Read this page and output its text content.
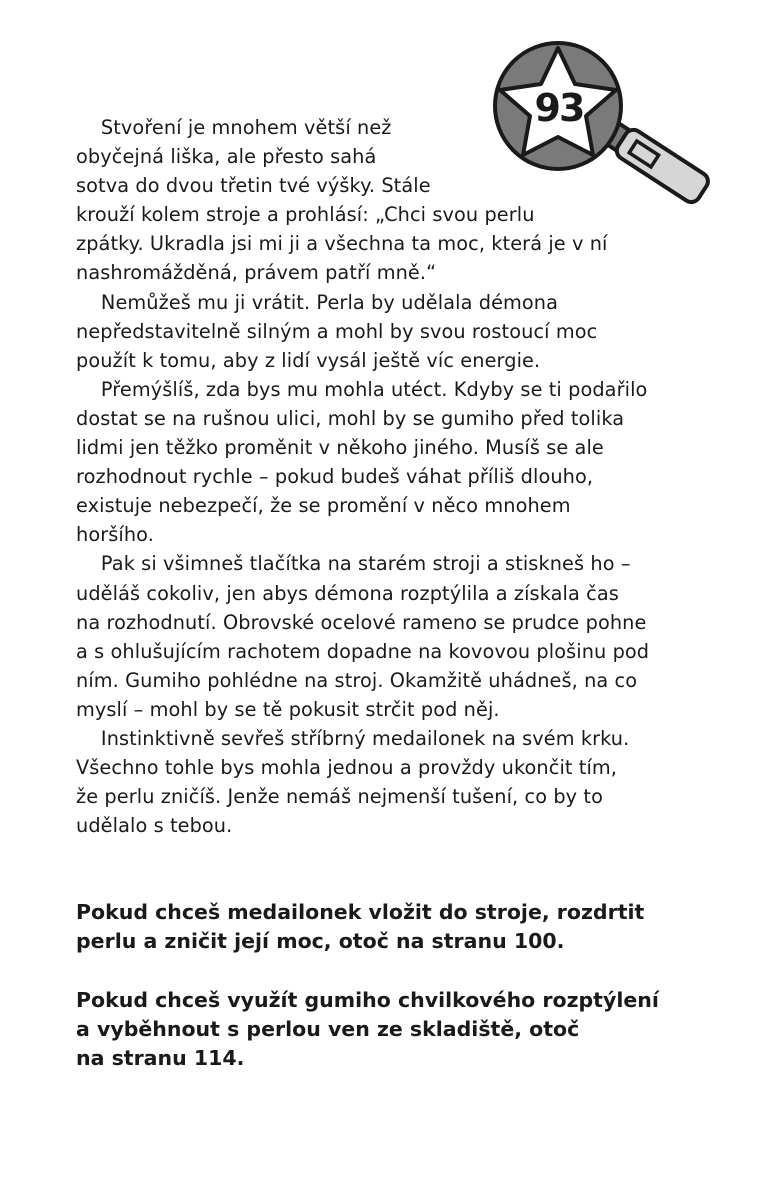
93
Stvoření je mnohem větší než
obyčejná liška, ale přesto sahá
sotva do dvou třetin tvé výšky. Stále
krouží kolem stroje a prohlásí: „Chci svou perlu
zpátky. Ukradla jsi mi ji a všechna ta moc, která je v ní
nashromážděná, právem patří mně.“
Nemůžeš mu ji vrátit. Perla by udělala démona
nepředstavitelně silným a mohl by svou rostoucí moc
použít k tomu, aby z lidí vysál ještě víc energie.
Přemýšlíš, zda bys mu mohla utéct. Kdyby se ti podařilo
dostat se na rušnou ulici, mohl by se gumiho před tolika
lidmi jen těžko proměnit v někoho jiného. Musíš se ale
rozhodnout rychle – pokud budeš váhat příliš dlouho,
existuje nebezpečí, že se promění v něco mnohem
horšího.
Pak si všimneš tlačítka na starém stroji a stiskneš ho –
uděláš cokoliv, jen abys démona rozptýlila a získala čas
na rozhodnutí. Obrovské ocelové rameno se prudce pohne
a s ohlušujícím rachotem dopadne na kovovou plošinu pod
ním. Gumiho pohlédne na stroj. Okamžitě uhádneš, na co
myslí – mohl by se tě pokusit strčit pod něj.
Instinktivně sevřeš stříbrný medailonek na svém krku.
Všechno tohle bys mohla jednou a provždy ukončit tím,
že perlu zničíš. Jenže nemáš nejmenší tušení, co by to
udělalo s tebou.
Pokud chceš medailonek vložit do stroje, rozdrtit
perlu a zničit její moc, otoč na stranu 100.
Pokud chceš využít gumiho chvilkového rozptýlení
a vyběhnout s perlou ven ze skladiště, otoč
na stranu 114.
